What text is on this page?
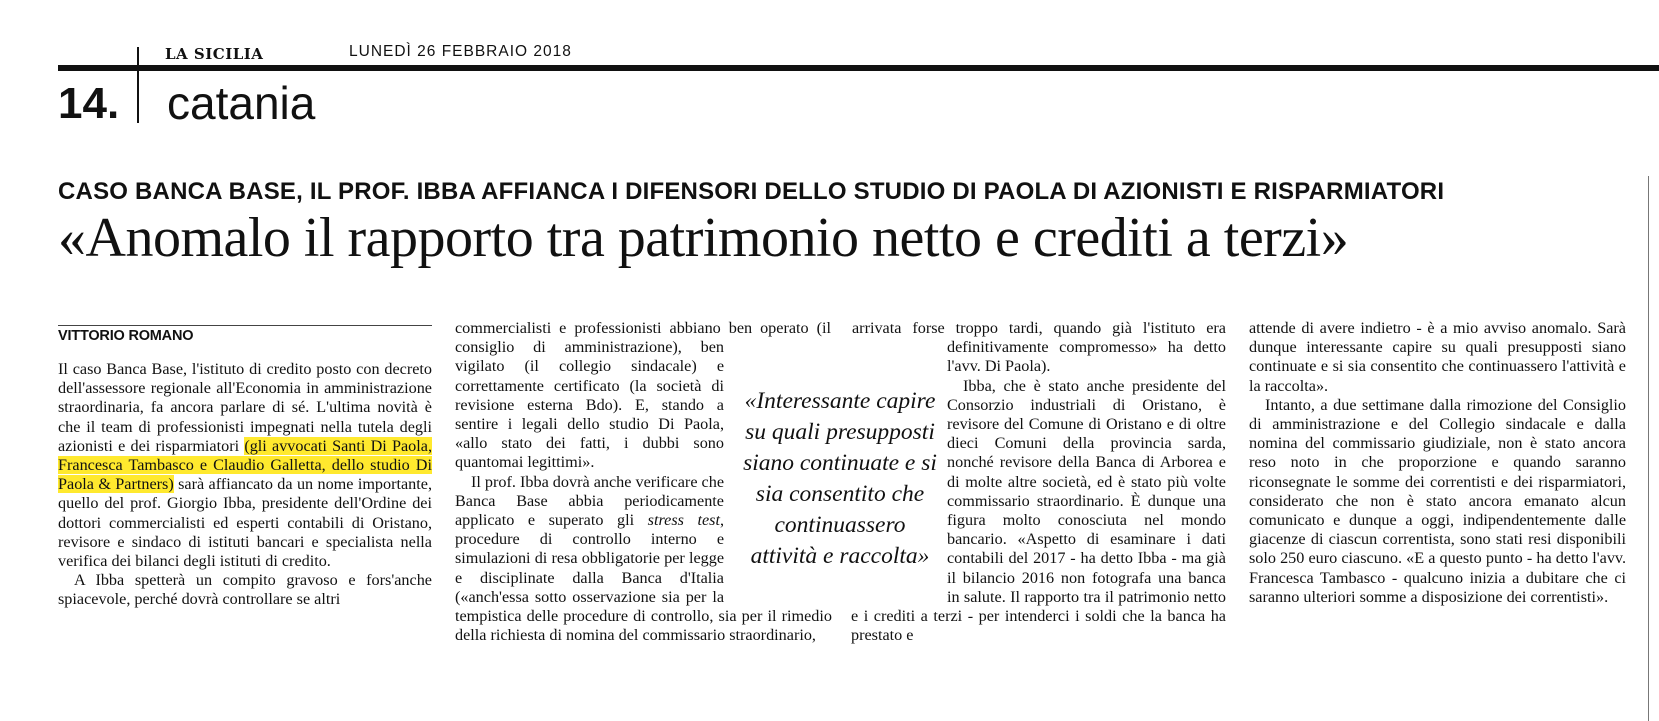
LA SICILIA	LUNEDÌ 26 FEBBRAIO 2018
14. catania
CASO BANCA BASE, IL PROF. IBBA AFFIANCA I DIFENSORI DELLO STUDIO DI PAOLA DI AZIONISTI E RISPARMIATORI
«Anomalo il rapporto tra patrimonio netto e crediti a terzi»
VITTORIO ROMANO

Il caso Banca Base, l'istituto di credito posto con decreto dell'assessore regionale all'Economia in amministrazione straordinaria, fa ancora parlare di sé. L'ultima novità è che il team di professionisti impegnati nella tutela degli azionisti e dei risparmiatori (gli avvocati Santi Di Paola, Francesca Tambasco e Claudio Galletta, dello studio Di Paola & Partners) sarà affiancato da un nome importante, quello del prof. Giorgio Ibba, presidente dell'Ordine dei dottori commercialisti ed esperti contabili di Oristano, revisore e sindaco di istituti bancari e specialista nella verifica dei bilanci degli istituti di credito.

A Ibba spetterà un compito gravoso e fors'anche spiacevole, perché dovrà controllare se altri

commercialisti e professionisti abbiano ben operato (il consiglio di amministrazione), ben vigilato (il collegio sindacale) e correttamente certificato (la società di revisione esterna Bdo). E, stando a sentire i legali dello studio Di Paola, «allo stato dei fatti, i dubbi sono quantomai legittimi».

Il prof. Ibba dovrà anche verificare che Banca Base abbia periodicamente applicato e superato gli stress test, procedure di controllo interno e simulazioni di resa obbligatorie per legge e disciplinate dalla Banca d'Italia («anch'essa sotto osservazione sia per la tempistica delle procedure di controllo, sia per il rimedio della richiesta di nomina del commissario straordinario,

arrivata forse troppo tardi, quando già l'istituto era definitivamente compromesso» ha detto l'avv. Di Paola).

Ibba, che è stato anche presidente del Consorzio industriali di Oristano, è revisore del Comune di Oristano e di oltre dieci Comuni della provincia sarda, nonché revisore della Banca di Arborea e di molte altre società, ed è stato più volte commissario straordinario. È dunque una figura molto conosciuta nel mondo bancario. «Aspetto di esaminare i dati contabili del 2017 - ha detto Ibba - ma già il bilancio 2016 non fotografa una banca in salute. Il rapporto tra il patrimonio netto e i crediti a terzi - per intenderci i soldi che la banca ha prestato e

«Interessante capire su quali presupposti siano continuate e si sia consentito che continuassero attività e raccolta»

attende di avere indietro - è a mio avviso anomalo. Sarà dunque interessante capire su quali presupposti siano continuate e si sia consentito che continuassero l'attività e la raccolta».

Intanto, a due settimane dalla rimozione del Consiglio di amministrazione e del Collegio sindacale e dalla nomina del commissario giudiziale, non è stato ancora reso noto in che proporzione e quando saranno riconsegnate le somme dei correntisti e dei risparmiatori, considerato che non è stato ancora emanato alcun comunicato e dunque a oggi, indipendentemente dalle giacenze di ciascun correntista, sono stati resi disponibili solo 250 euro ciascuno. «E a questo punto - ha detto l'avv. Francesca Tambasco - qualcuno inizia a dubitare che ci saranno ulteriori somme a disposizione dei correntisti».
